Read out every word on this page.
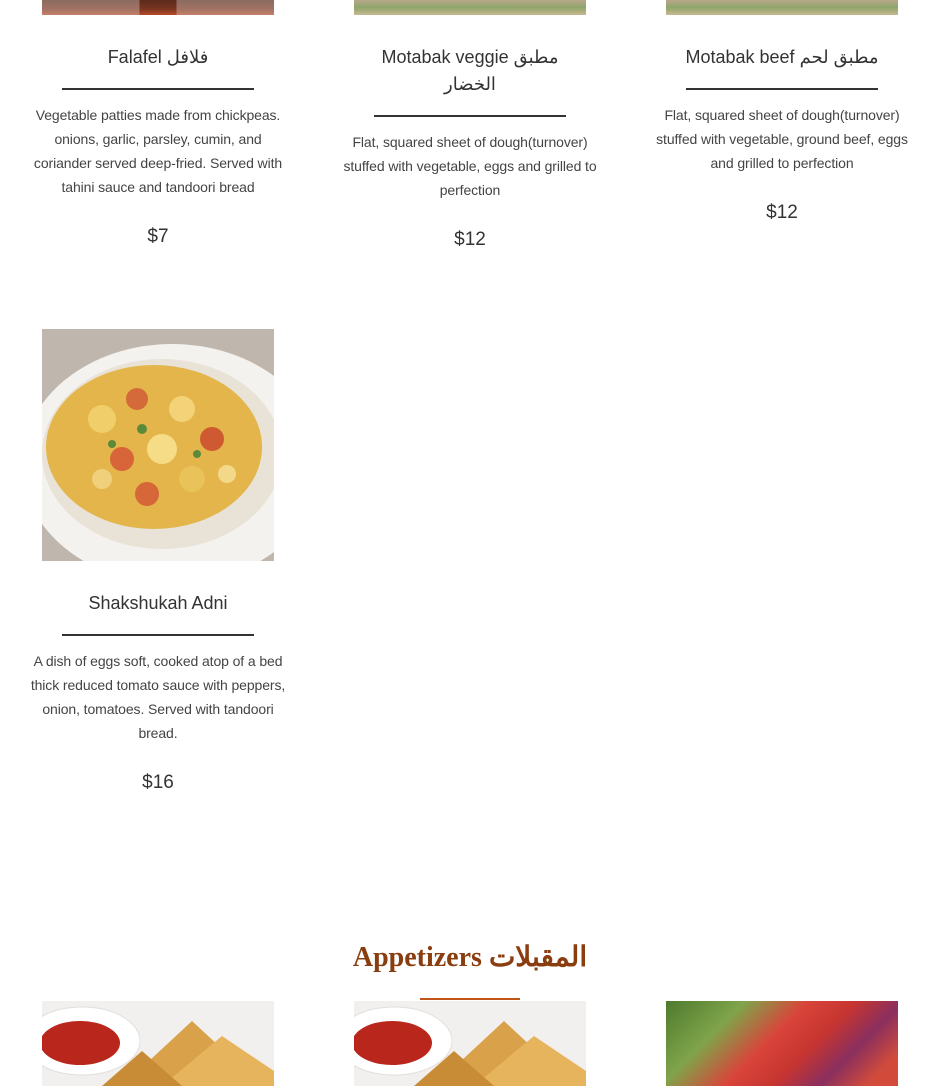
Falafel فلافل
Vegetable patties made from chickpeas. onions, garlic, parsley, cumin, and coriander served deep-fried. Served with tahini sauce and tandoori bread
$7
Motabak veggie مطبق
الخضار
Flat, squared sheet of dough(turnover) stuffed with vegetable, eggs and grilled to perfection
$12
Motabak beef مطبق لحم
Flat, squared sheet of dough(turnover) stuffed with vegetable, ground beef, eggs and grilled to perfection
$12
Shakshukah Adni
A dish of eggs soft, cooked atop of a bed thick reduced tomato sauce with peppers, onion, tomatoes. Served with tandoori bread.
$16
Appetizers المقبلات
